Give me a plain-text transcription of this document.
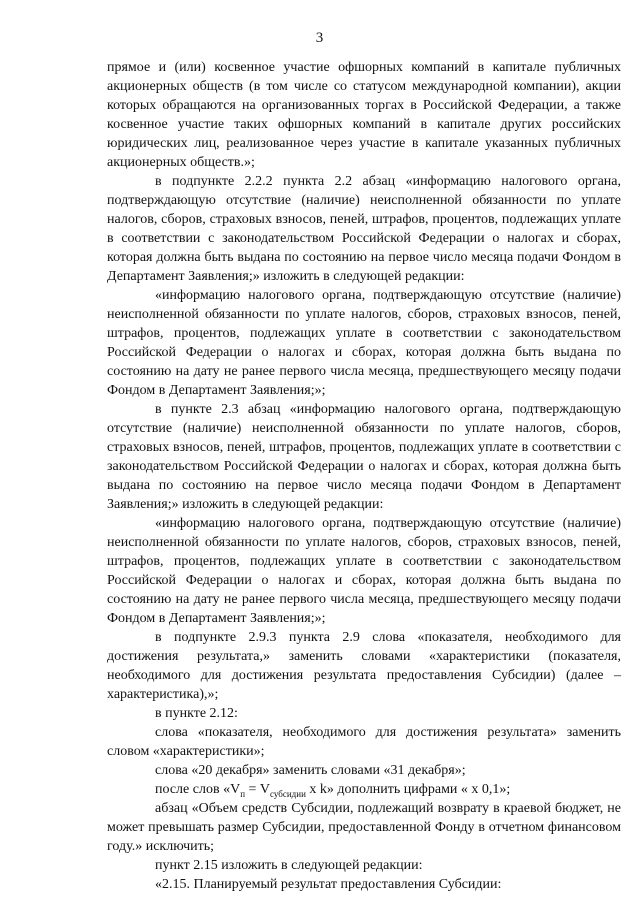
3

прямое и (или) косвенное участие офшорных компаний в капитале публичных акционерных обществ (в том числе со статусом международной компании), акции которых обращаются на организованных торгах в Российской Федерации, а также косвенное участие таких офшорных компаний в капитале других российских юридических лиц, реализованное через участие в капитале указанных публичных акционерных обществ.»;

в подпункте 2.2.2 пункта 2.2 абзац «информацию налогового органа, подтверждающую отсутствие (наличие) неисполненной обязанности по уплате налогов, сборов, страховых взносов, пеней, штрафов, процентов, подлежащих уплате в соответствии с законодательством Российской Федерации о налогах и сборах, которая должна быть выдана по состоянию на первое число месяца подачи Фондом в Департамент Заявления;» изложить в следующей редакции:

«информацию налогового органа, подтверждающую отсутствие (наличие) неисполненной обязанности по уплате налогов, сборов, страховых взносов, пеней, штрафов, процентов, подлежащих уплате в соответствии с законодательством Российской Федерации о налогах и сборах, которая должна быть выдана по состоянию на дату не ранее первого числа месяца, предшествующего месяцу подачи Фондом в Департамент Заявления;»;

в пункте 2.3 абзац «информацию налогового органа, подтверждающую отсутствие (наличие) неисполненной обязанности по уплате налогов, сборов, страховых взносов, пеней, штрафов, процентов, подлежащих уплате в соответствии с законодательством Российской Федерации о налогах и сборах, которая должна быть выдана по состоянию на первое число месяца подачи Фондом в Департамент Заявления;» изложить в следующей редакции:

«информацию налогового органа, подтверждающую отсутствие (наличие) неисполненной обязанности по уплате налогов, сборов, страховых взносов, пеней, штрафов, процентов, подлежащих уплате в соответствии с законодательством Российской Федерации о налогах и сборах, которая должна быть выдана по состоянию на дату не ранее первого числа месяца, предшествующего месяцу подачи Фондом в Департамент Заявления;»;

в подпункте 2.9.3 пункта 2.9 слова «показателя, необходимого для достижения результата,» заменить словами «характеристики (показателя, необходимого для достижения результата предоставления Субсидии) (далее – характеристика),»;

в пункте 2.12:

слова «показателя, необходимого для достижения результата» заменить словом «характеристики»;

слова «20 декабря» заменить словами «31 декабря»;

после слов «$V_п = V_{субсидии}$ x k» дополнить цифрами « x 0,1»;

абзац «Объем средств Субсидии, подлежащий возврату в краевой бюджет, не может превышать размер Субсидии, предоставленной Фонду в отчетном финансовом году.» исключить;

пункт 2.15 изложить в следующей редакции:

«2.15. Планируемый результат предоставления Субсидии:
